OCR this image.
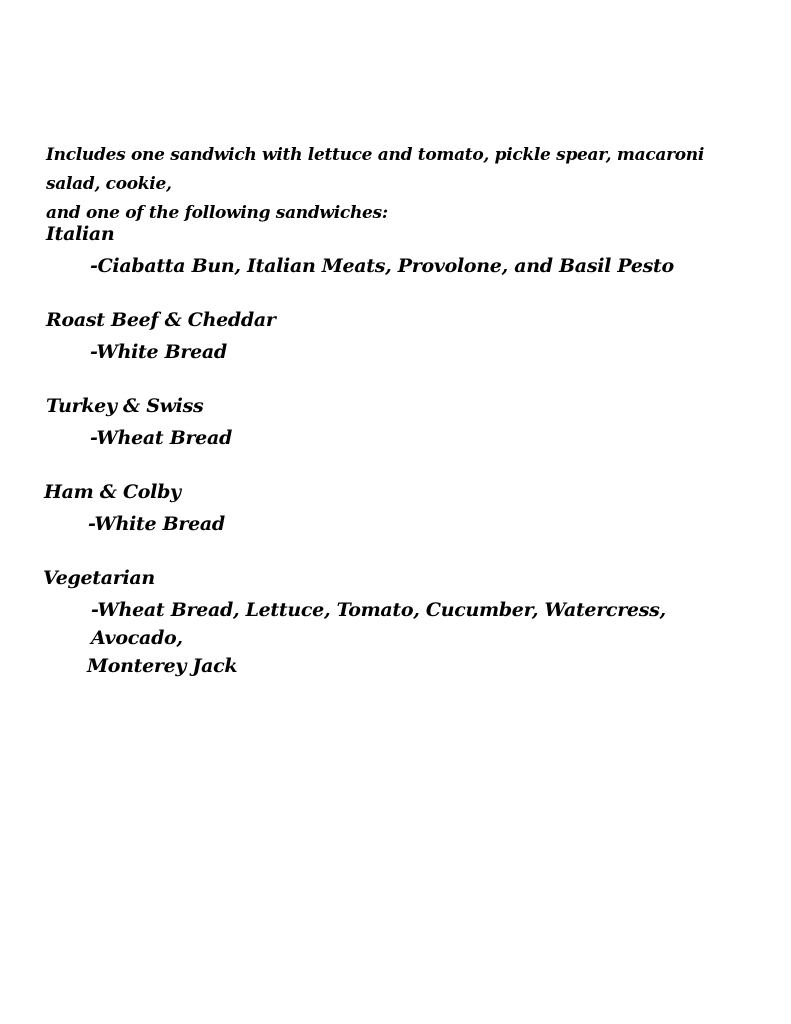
Includes one sandwich with lettuce and tomato, pickle spear, macaroni salad, cookie,
and one of the following sandwiches:
Italian
-Ciabatta Bun, Italian Meats, Provolone, and Basil Pesto
Roast Beef & Cheddar
-White Bread
Turkey & Swiss
-Wheat Bread
Ham & Colby
-White Bread
Vegetarian
-Wheat Bread, Lettuce, Tomato, Cucumber, Watercress, Avocado,
Monterey Jack
